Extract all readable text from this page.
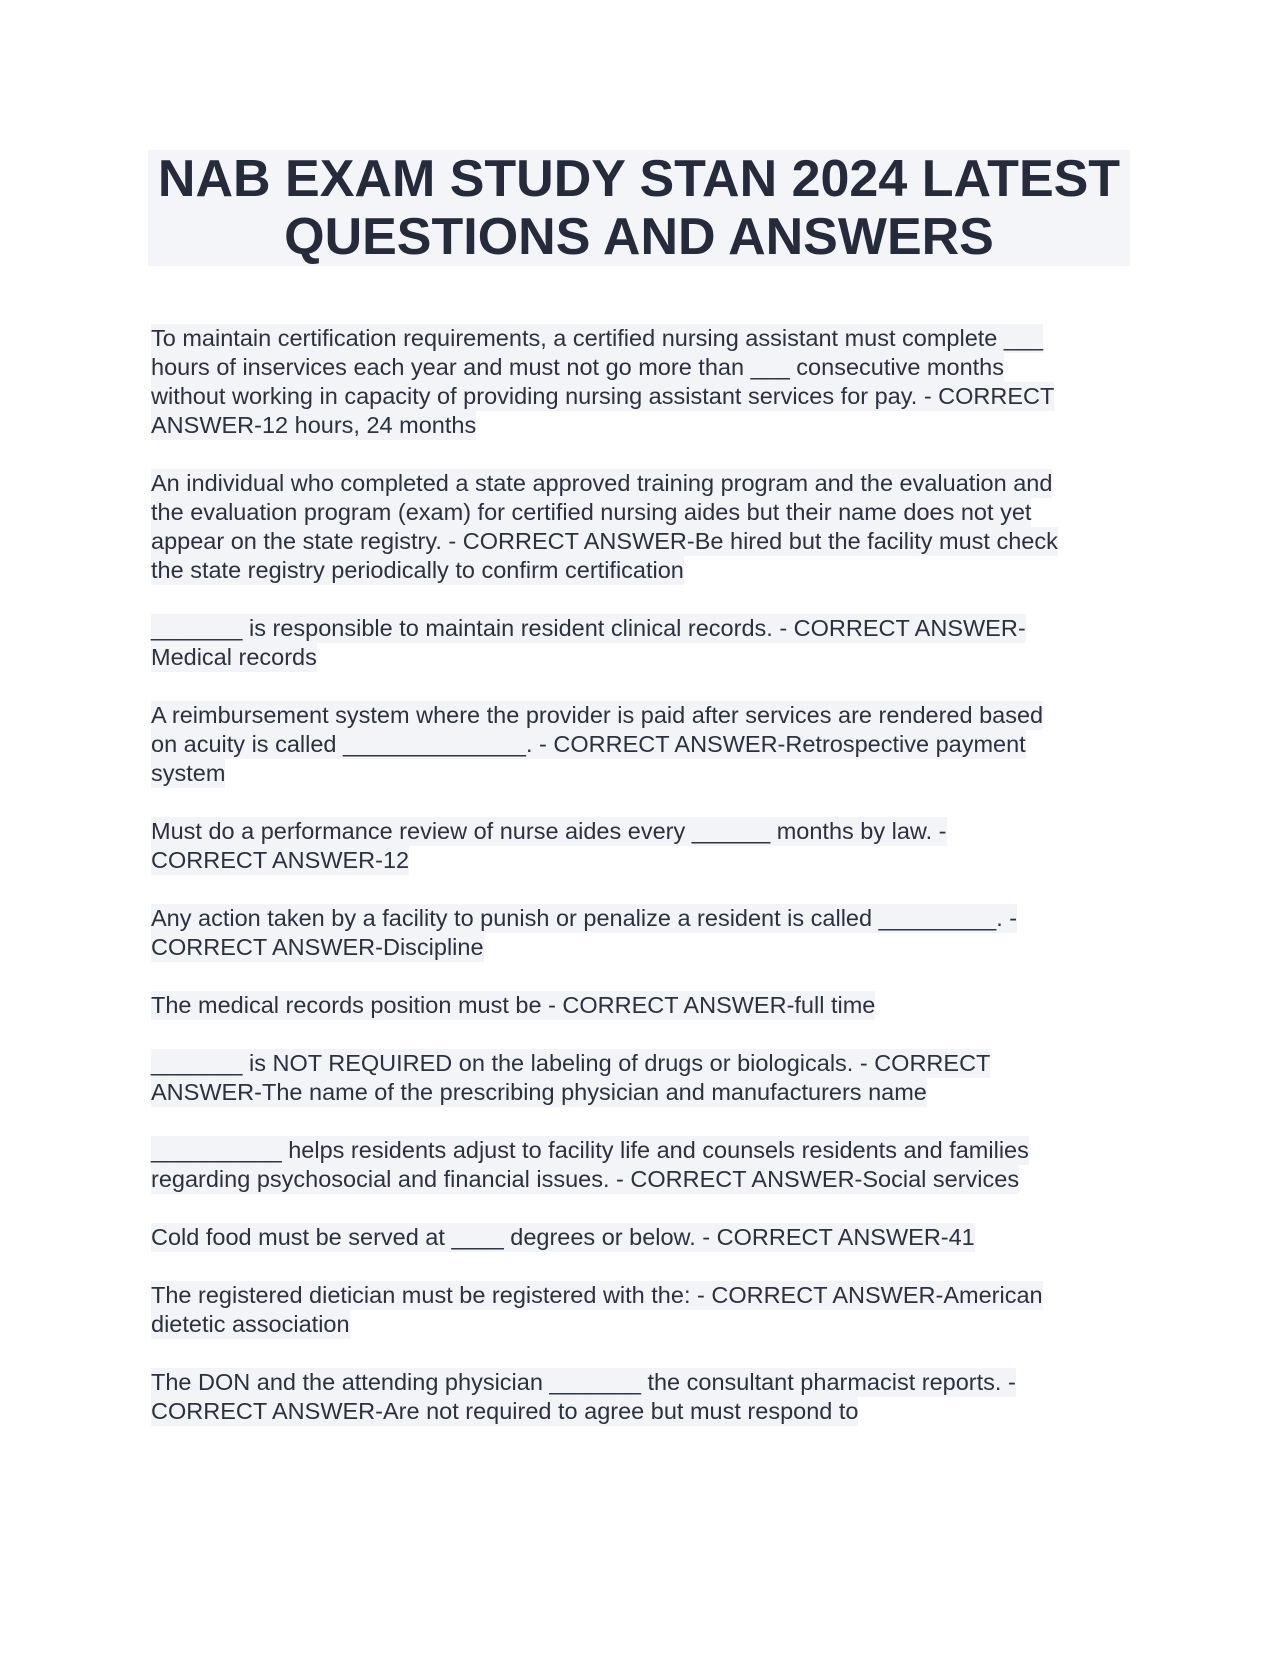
NAB EXAM STUDY STAN 2024 LATEST
QUESTIONS AND ANSWERS

To maintain certification requirements, a certified nursing assistant must complete ___
hours of inservices each year and must not go more than ___ consecutive months
without working in capacity of providing nursing assistant services for pay. - CORRECT
ANSWER-12 hours, 24 months

An individual who completed a state approved training program and the evaluation and
the evaluation program (exam) for certified nursing aides but their name does not yet
appear on the state registry. - CORRECT ANSWER-Be hired but the facility must check
the state registry periodically to confirm certification

_______ is responsible to maintain resident clinical records. - CORRECT ANSWER-
Medical records

A reimbursement system where the provider is paid after services are rendered based
on acuity is called ______________. - CORRECT ANSWER-Retrospective payment
system

Must do a performance review of nurse aides every ______ months by law. -
CORRECT ANSWER-12

Any action taken by a facility to punish or penalize a resident is called _________. -
CORRECT ANSWER-Discipline

The medical records position must be - CORRECT ANSWER-full time

_______ is NOT REQUIRED on the labeling of drugs or biologicals. - CORRECT
ANSWER-The name of the prescribing physician and manufacturers name

__________ helps residents adjust to facility life and counsels residents and families
regarding psychosocial and financial issues. - CORRECT ANSWER-Social services

Cold food must be served at ____ degrees or below. - CORRECT ANSWER-41

The registered dietician must be registered with the: - CORRECT ANSWER-American
dietetic association

The DON and the attending physician _______ the consultant pharmacist reports. -
CORRECT ANSWER-Are not required to agree but must respond to
